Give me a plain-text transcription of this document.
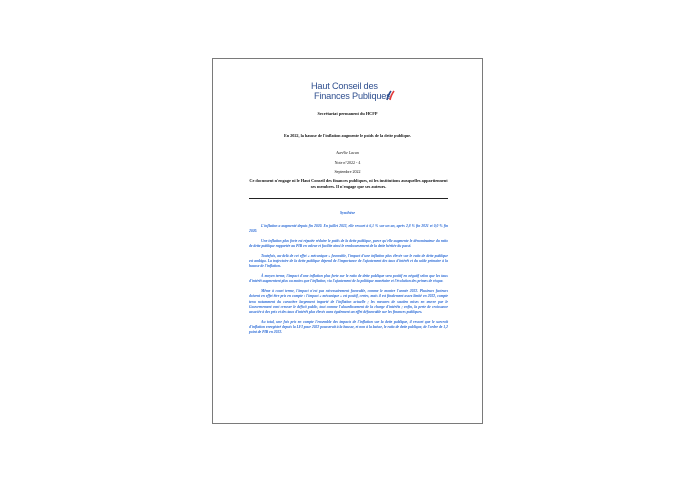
Haut Conseil des
Finances Publiques
Secrétariat permanent du HCFP
En 2022, la hausse de l'inflation augmente le poids de la dette publique.
Aurélie Lacan
Note n°2022 - 4
Septembre 2022
Ce document n'engage ni le Haut Conseil des finances publiques, ni les institutions auxquelles appartiennent ses membres. Il n'engage que ses auteurs.
Synthèse

L'inflation a augmenté depuis fin 2020. En juillet 2022, elle ressort à 6,1 % sur un an, après 2,8 % fin 2021 et 0,0 % fin 2020.

Une inflation plus forte est réputée réduire le poids de la dette publique, parce qu'elle augmente le dénominateur du ratio de dette publique rapportée au PIB en valeur et facilite ainsi le remboursement de la dette héritée du passé.

Toutefois, au-delà de cet effet « mécanique » favorable, l'impact d'une inflation plus élevée sur le ratio de dette publique est ambigu. La trajectoire de la dette publique dépend de l'importance de l'ajustement des taux d'intérêt et du solde primaire à la hausse de l'inflation.

À moyen terme, l'impact d'une inflation plus forte sur le ratio de dette publique sera positif en négatif selon que les taux d'intérêt augmentent plus ou moins que l'inflation, via l'ajustement de la politique monétaire et l'évolution des primes de risque.

Même à court terme, l'impact n'est pas nécessairement favorable, comme le montre l'année 2022. Plusieurs facteurs doivent en effet être pris en compte : l'impact « mécanique » est positif, certes, mais il est finalement assez limité en 2022, compte tenu notamment du caractère largement importé de l'inflation actuelle ; les mesures de soutien mises en œuvre par le Gouvernement vont creuser le déficit public, tout comme l'alourdissement de la charge d'intérêts ; enfin, la perte de croissance associée à des prix et des taux d'intérêt plus élevés aura également un effet défavorable sur les finances publiques.

Au total, une fois pris en compte l'ensemble des impacts de l'inflation sur la dette publique, il ressort que le surcroît d'inflation enregistré depuis la LFI pour 2022 pousserait à la hausse, et non à la baisse, le ratio de dette publique, de l'ordre de 1,2 point de PIB en 2022.
